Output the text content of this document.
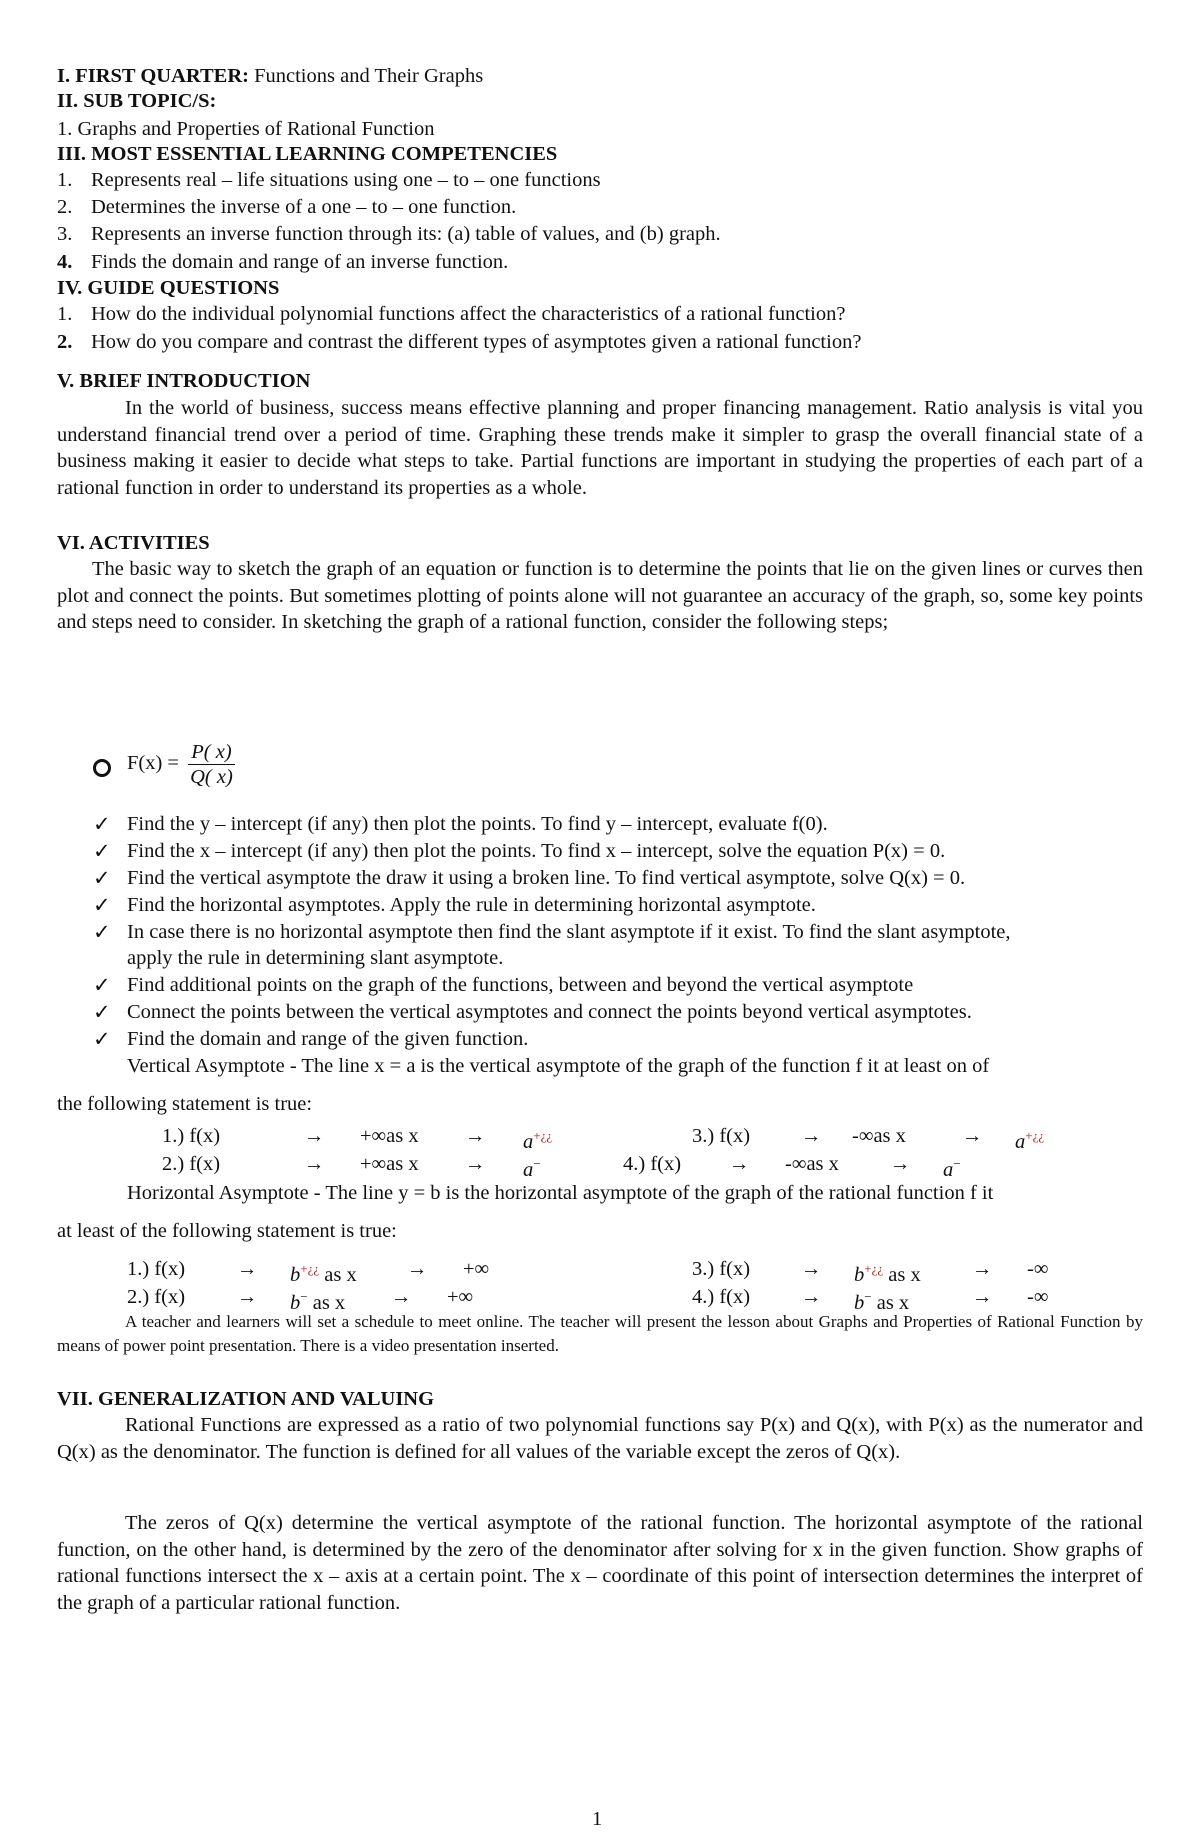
I. FIRST QUARTER: Functions and Their Graphs
II. SUB TOPIC/S:
1. Graphs and Properties of Rational Function
III. MOST ESSENTIAL LEARNING COMPETENCIES
1. Represents real – life situations using one – to – one functions
2. Determines the inverse of a one – to – one function.
3. Represents an inverse function through its: (a) table of values, and (b) graph.
4. Finds the domain and range of an inverse function.
IV. GUIDE QUESTIONS
1. How do the individual polynomial functions affect the characteristics of a rational function?
2. How do you compare and contrast the different types of asymptotes given a rational function?
V. BRIEF INTRODUCTION
In the world of business, success means effective planning and proper financing management. Ratio analysis is vital you understand financial trend over a period of time. Graphing these trends make it simpler to grasp the overall financial state of a business making it easier to decide what steps to take. Partial functions are important in studying the properties of each part of a rational function in order to understand its properties as a whole.
VI. ACTIVITIES
The basic way to sketch the graph of an equation or function is to determine the points that lie on the given lines or curves then plot and connect the points. But sometimes plotting of points alone will not guarantee an accuracy of the graph, so, some key points and steps need to consider. In sketching the graph of a rational function, consider the following steps;
$F(x) = \frac{P( x)}{Q( x)}$
✓ Find the y – intercept (if any) then plot the points. To find y – intercept, evaluate f(0).
✓ Find the x – intercept (if any) then plot the points. To find x – intercept, solve the equation P(x) = 0.
✓ Find the vertical asymptote the draw it using a broken line. To find vertical asymptote, solve Q(x) = 0.
✓ Find the horizontal asymptotes. Apply the rule in determining horizontal asymptote.
✓ In case there is no horizontal asymptote then find the slant asymptote if it exist. To find the slant asymptote,
apply the rule in determining slant asymptote.
✓ Find additional points on the graph of the functions, between and beyond the vertical asymptote
✓ Connect the points between the vertical asymptotes and connect the points beyond vertical asymptotes.
✓ Find the domain and range of the given function.
Vertical Asymptote - The line x = a is the vertical asymptote of the graph of the function f it at least on of
the following statement is true:
1.) f(x)	→ +∞as x → a+¿¿	3.) f(x) → -∞as x	→ a+¿¿
2.) f(x)	→ +∞as x → a−	4.) f(x) → -∞as x → a−
Horizontal Asymptote - The line y = b is the horizontal asymptote of the graph of the rational function f it
at least of the following statement is true:
1.) f(x)	→ b+¿¿ as x → +∞	3.) f(x) → b+¿¿ as x	→ -∞
2.) f(x)	→ b− as x → +∞	4.) f(x) → b− as x	→ -∞
A teacher and learners will set a schedule to meet online. The teacher will present the lesson about Graphs and Properties of Rational Function by means of power point presentation. There is a video presentation inserted.
VII. GENERALIZATION AND VALUING
Rational Functions are expressed as a ratio of two polynomial functions say P(x) and Q(x), with P(x) as the numerator and Q(x) as the denominator. The function is defined for all values of the variable except the zeros of Q(x).
The zeros of Q(x) determine the vertical asymptote of the rational function. The horizontal asymptote of the rational function, on the other hand, is determined by the zero of the denominator after solving for x in the given function. Show graphs of rational functions intersect the x – axis at a certain point. The x – coordinate of this point of intersection determines the interpret of the graph of a particular rational function.
1
